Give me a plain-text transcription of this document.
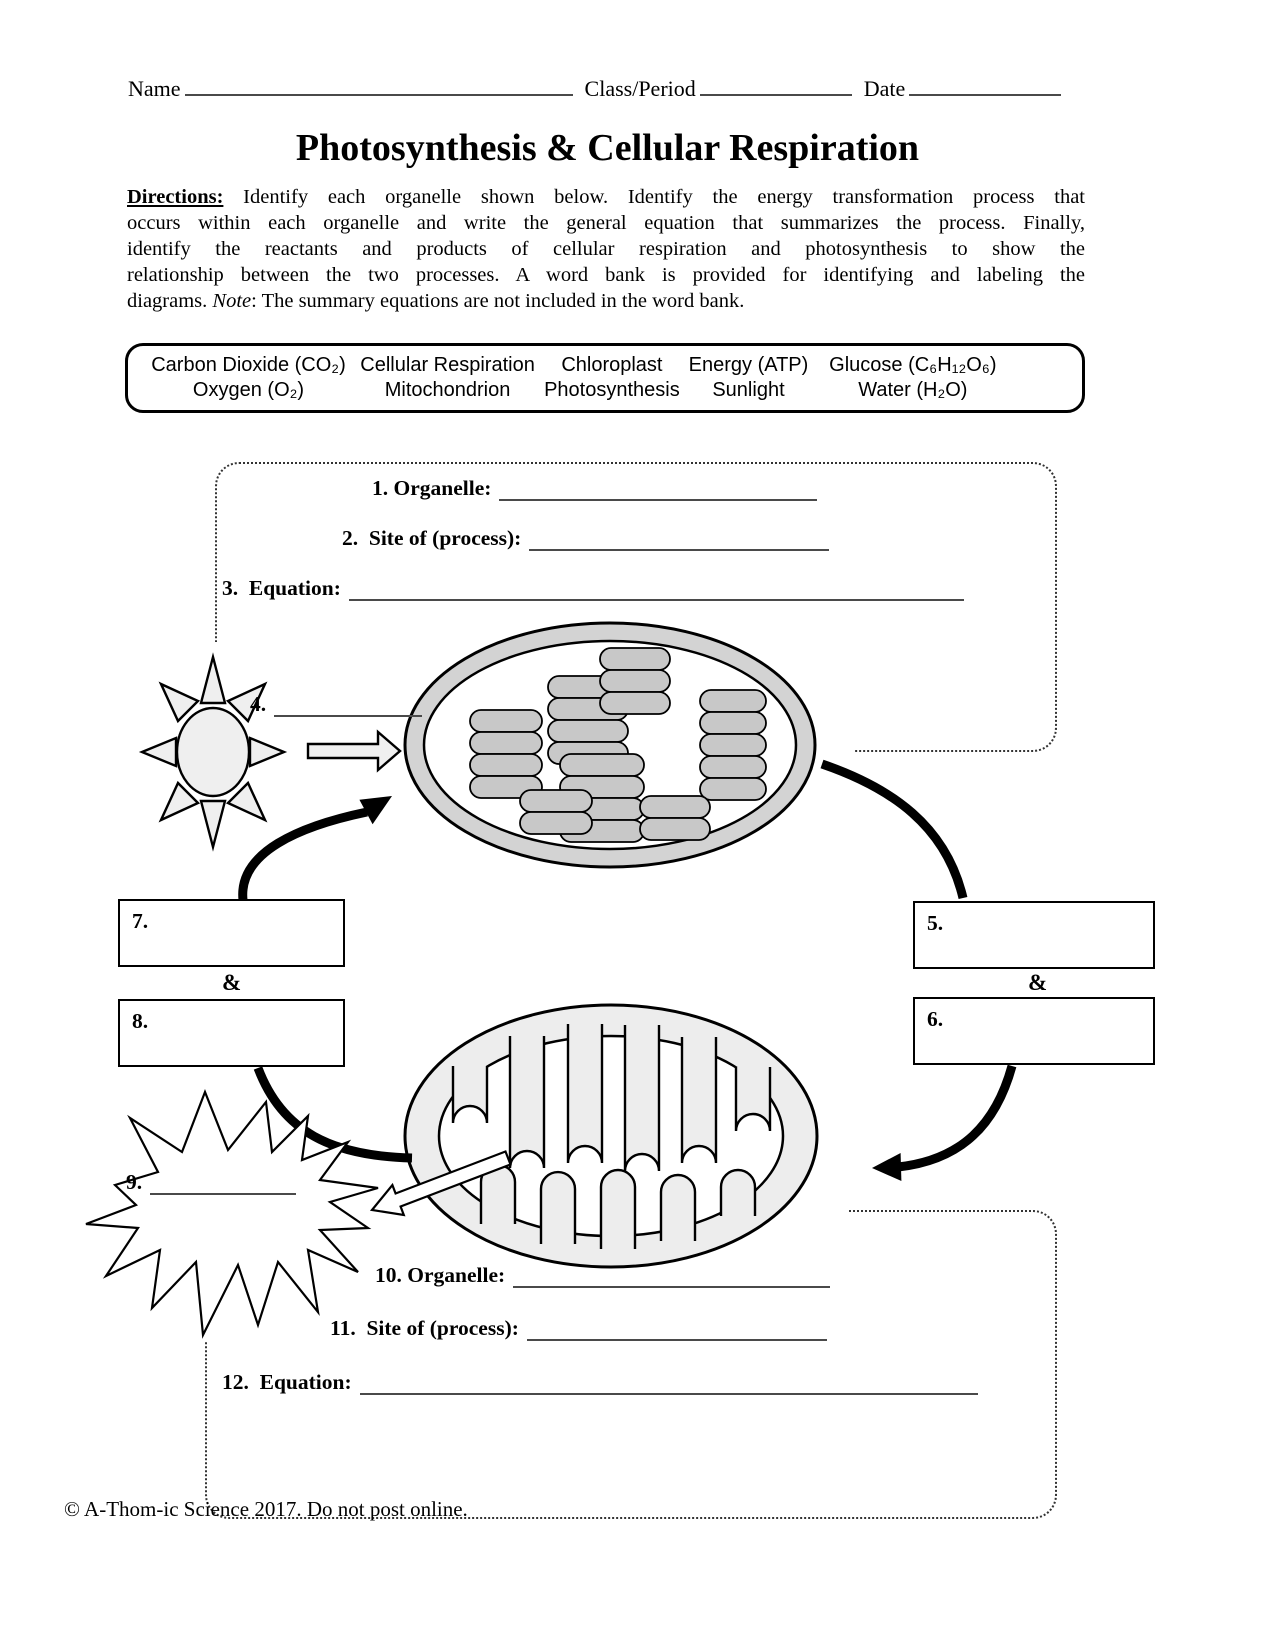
Name	Class/Period	Date
Photosynthesis & Cellular Respiration
Directions: Identify each organelle shown below. Identify the energy transformation process that
occurs within each organelle and write the general equation that summarizes the process. Finally,
identify the reactants and products of cellular respiration and photosynthesis to show the
relationship between the two processes. A word bank is provided for identifying and labeling the
diagrams. Note: The summary equations are not included in the word bank.
Carbon Dioxide (CO₂) Cellular Respiration Chloroplast Energy (ATP) Glucose (C₆H₁₂O₆)
Oxygen (O₂)	Mitochondrion Photosynthesis Sunlight	Water (H₂O)
1. Organelle:
2.  Site of (process):
3.  Equation:
4.
7.
&
8.
5.
&
6.
9.
10. Organelle:
11.  Site of (process):
12.  Equation:
© A-Thom-ic Science 2017. Do not post online.
